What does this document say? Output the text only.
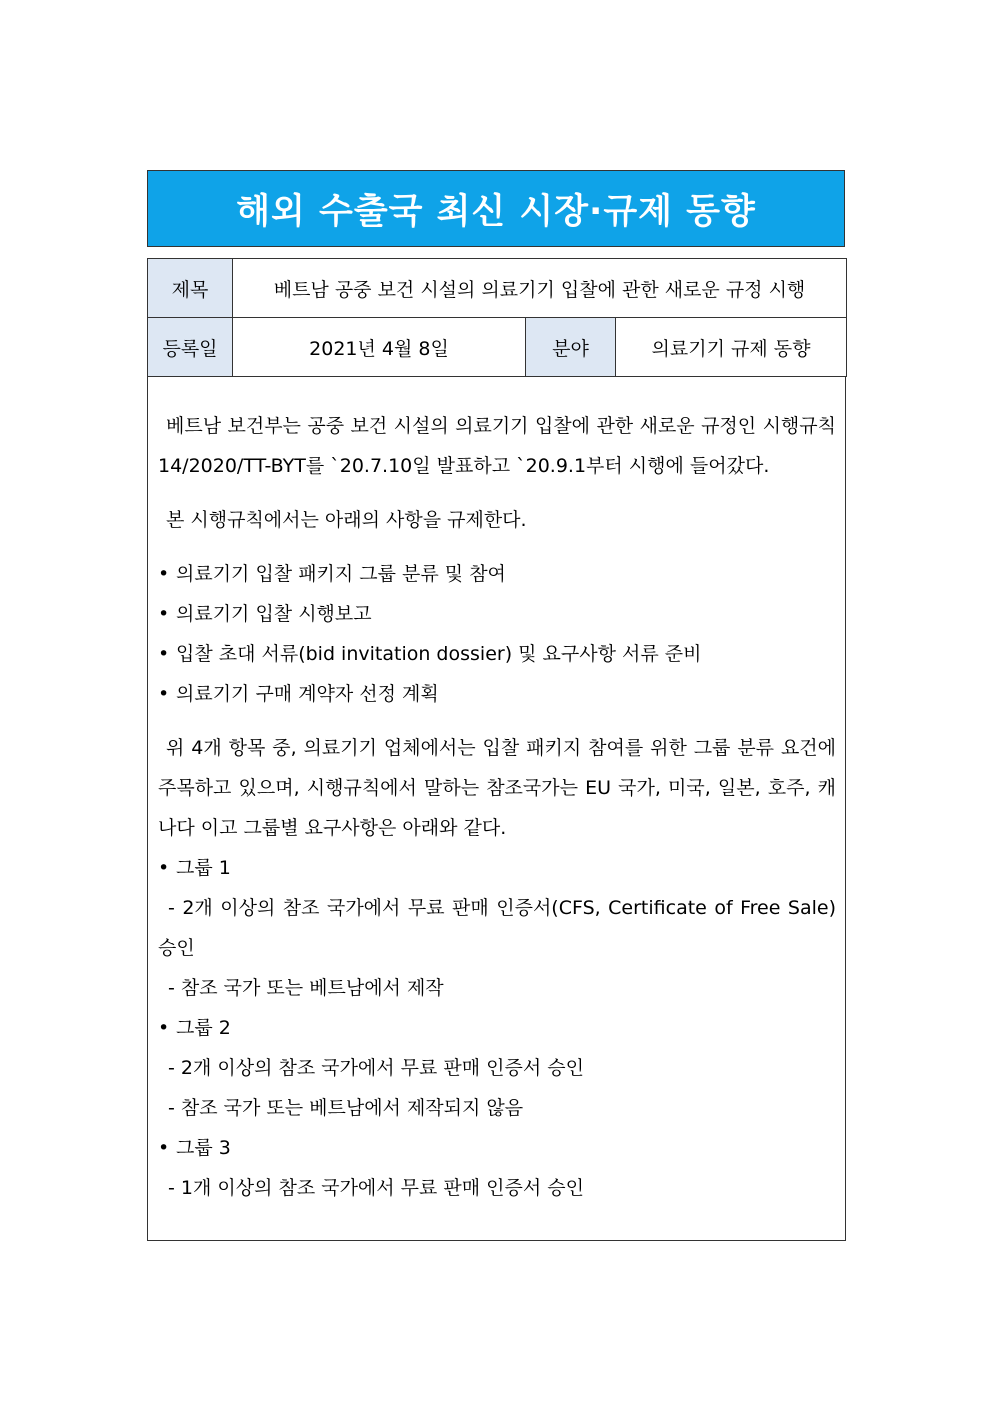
해외 수출국 최신 시장·규제 동향
제목	베트남 공중 보건 시설의 의료기기 입찰에 관한 새로운 규정 시행		
등록일	2021년 4월 8일	분야	의료기기 규제 동향

베트남 보건부는 공중 보건 시설의 의료기기 입찰에 관한 새로운 규정인 시행규칙 14/2020/TT-BYT를 `20.7.10일 발표하고 `20.9.1부터 시행에 들어갔다.

본 시행규칙에서는 아래의 사항을 규제한다.

• 의료기기 입찰 패키지 그룹 분류 및 참여

• 의료기기 입찰 시행보고

• 입찰 초대 서류(bid invitation dossier) 및 요구사항 서류 준비

• 의료기기 구매 계약자 선정 계획

위 4개 항목 중, 의료기기 업체에서는 입찰 패키지 참여를 위한 그룹 분류 요건에 주목하고 있으며, 시행규칙에서 말하는 참조국가는 EU 국가, 미국, 일본, 호주, 캐나다 이고 그룹별 요구사항은 아래와 같다.

• 그룹 1

- 2개 이상의 참조 국가에서 무료 판매 인증서(CFS, Certificate of Free Sale) 승인

- 참조 국가 또는 베트남에서 제작

• 그룹 2

- 2개 이상의 참조 국가에서 무료 판매 인증서 승인

- 참조 국가 또는 베트남에서 제작되지 않음

• 그룹 3

- 1개 이상의 참조 국가에서 무료 판매 인증서 승인
